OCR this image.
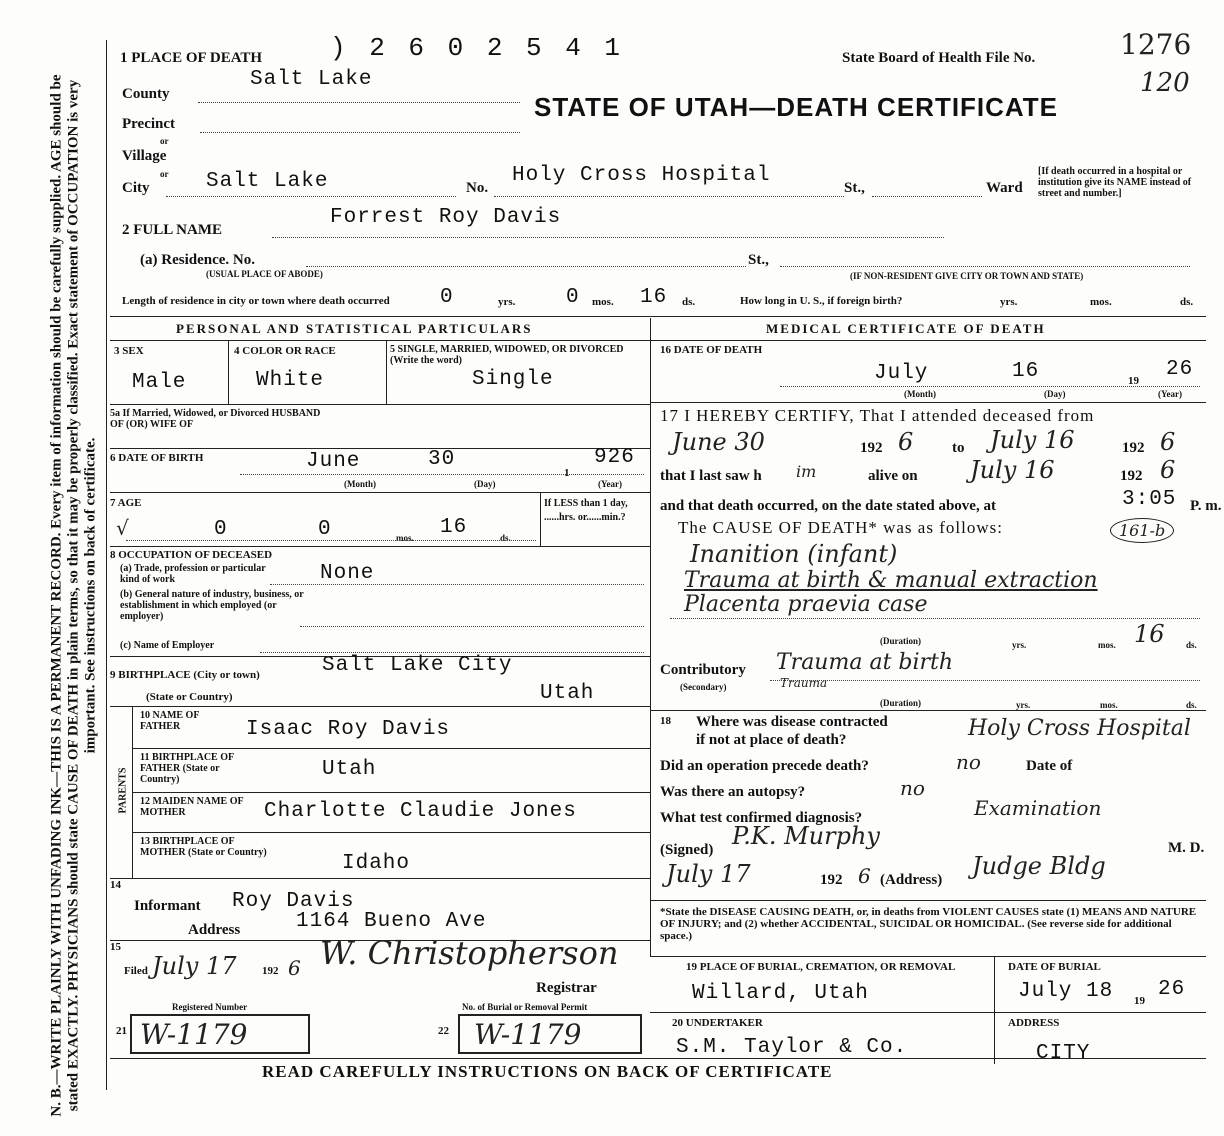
N. B.—WRITE PLAINLY WITH UNFADING INK—THIS IS A PERMANENT RECORD. Every item of information should be carefully supplied. AGE should be stated EXACTLY. PHYSICIANS should state CAUSE OF DEATH in plain terms, so that it may be properly classified. Exact statement of OCCUPATION is very important. See instructions on back of certificate.
1 PLACE OF DEATH	) 2 6 0 2 5 4 1	State Board of Health File No.	1276
120
STATE OF UTAH—DEATH CERTIFICATE
County
Salt Lake
Precinct
or
Village
or
City	Salt Lake	No.
Holy Cross Hospital
St.,	Ward
[If death occurred in a hospital or institution give its NAME instead of street and number.]
2 FULL NAME
Forrest Roy Davis
(a) Residence. No.
(USUAL PLACE OF ABODE)
St.,
(IF NON-RESIDENT GIVE CITY OR TOWN AND STATE)
Length of residence in city or town where death occurred 0	yrs. 0 mos. 16 ds.	How long in U. S., if foreign birth?	yrs.	mos.	ds.
PERSONAL AND STATISTICAL PARTICULARS
3 SEX
Male
4 COLOR OR RACE
White
5 SINGLE, MARRIED, WIDOWED, OR DIVORCED (Write the word)
Single
5a If Married, Widowed, or Divorced HUSBAND OF (OR) WIFE OF
6 DATE OF BIRTH	June	30
1
926
(Month)	(Day)	(Year)
7 AGE
√	0	0	16
mos.	ds.
If LESS than 1 day, ......hrs. or......min.?
8 OCCUPATION OF DECEASED
(a) Trade, profession or particular kind of work	None
(b) General nature of industry, business, or establishment in which employed (or employer)
(c) Name of Employer
9 BIRTHPLACE (City or town)	Salt Lake City
(State or Country)	Utah
PARENTS
10 NAME OF FATHER	Isaac Roy Davis
11 BIRTHPLACE OF FATHER (State or Country)	Utah
12 MAIDEN NAME OF MOTHER	Charlotte Claudie Jones
13 BIRTHPLACE OF MOTHER (State or Country)	Idaho
14
Informant Roy Davis
Address	1164 Bueno Ave
15
Filed July 17 192 6 W. Christopherson
Registrar
Registered Number	No. of Burial or Removal Permit
21 W-1179	22 W-1179
MEDICAL CERTIFICATE OF DEATH
16 DATE OF DEATH
July	16	19 26
(Month)	(Day)	(Year)
17 I HEREBY CERTIFY, That I attended deceased from
June 30	192 6	to July 16	192 6
that I last saw h im	alive on July 16	192 6
and that death occurred, on the date stated above, at	3:05 P. m.
The CAUSE OF DEATH* was as follows:	161-b
Inanition (infant)
Trauma at birth & manual extraction
Placenta praevia case
(Duration)	yrs.	mos. 16 ds.
Contributory
(Secondary)
Trauma at birth
Trauma
(Duration)	yrs.	mos.	ds.
18 Where was disease contracted
if not at place of death?	Holy Cross Hospital
Did an operation precede death?	no	Date of
Was there an autopsy?	no
What test confirmed diagnosis?	Examination
(Signed) P.K. Murphy	M. D.
July 17	192 6 (Address) Judge Bldg
*State the DISEASE CAUSING DEATH, or, in deaths from VIOLENT CAUSES state (1) MEANS AND NATURE OF INJURY; and (2) whether ACCIDENTAL, SUICIDAL OR HOMICIDAL. (See reverse side for additional space.)
19 PLACE OF BURIAL, CREMATION, OR REMOVAL
Willard, Utah
DATE OF BURIAL
July 18 19 26
20 UNDERTAKER
S.M. Taylor & Co.
ADDRESS
CITY
READ CAREFULLY INSTRUCTIONS ON BACK OF CERTIFICATE
